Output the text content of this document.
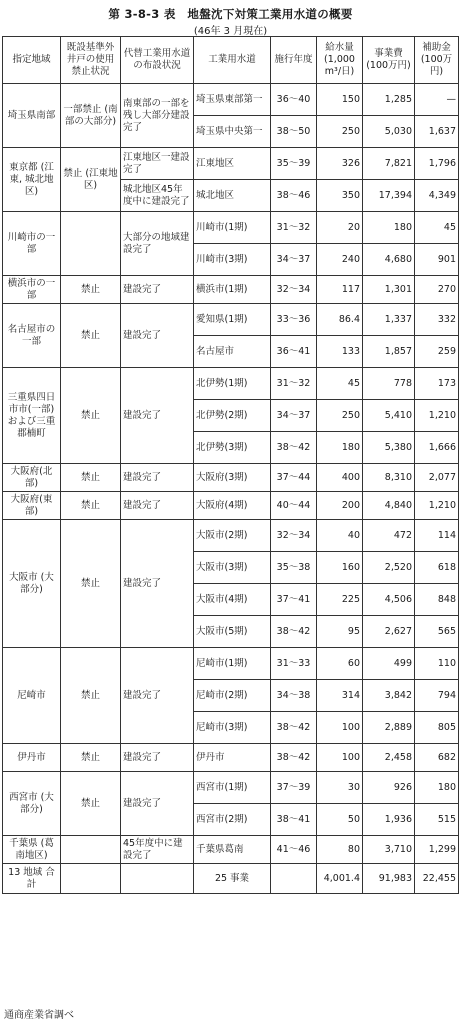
第 3-8-3 表　地盤沈下対策工業用水道の概要
(46年 3 月現在)
指定地域	既設基準外井戸の使用禁止状況	代替工業用水道の布設状況	工業用水道	施行年度	給水量 (1,000 m³/日)	事業費 (100万円)	補助金 (100万円)
埼玉県南部	一部禁止 (南部の大部分)	南東部の一部を残し大部分建設完了	埼玉県東部第一	36～40	150	1,285	—
			埼玉県中央第一	38～50	250	5,030	1,637
東京都 (江東, 城北地区)	禁止 (江東地区)	江東地区一建設完了	江東地区	35～39	326	7,821	1,796
		城北地区45年度中に建設完了	城北地区	38～46	350	17,394	4,349
川崎市の一部		大部分の地域建設完了	川崎市(1期)	31～32	20	180	45
			川崎市(3期)	34～37	240	4,680	901
横浜市の一部	禁止	建設完了	横浜市(1期)	32～34	117	1,301	270
名古屋市の一部	禁止	建設完了	愛知県(1期)	33～36	86.4	1,337	332
			名古屋市	36～41	133	1,857	259
三重県四日市市(一部)および三重郡楠町	禁止	建設完了	北伊勢(1期)	31～32	45	778	173
			北伊勢(2期)	34～37	250	5,410	1,210
			北伊勢(3期)	38～42	180	5,380	1,666
大阪府(北部)	禁止	建設完了	大阪府(3期)	37～44	400	8,310	2,077
大阪府(東部)	禁止	建設完了	大阪府(4期)	40～44	200	4,840	1,210
大阪市 (大部分)	禁止	建設完了	大阪市(2期)	32～34	40	472	114
			大阪市(3期)	35～38	160	2,520	618
			大阪市(4期)	37～41	225	4,506	848
			大阪市(5期)	38～42	95	2,627	565
尼崎市	禁止	建設完了	尼崎市(1期)	31～33	60	499	110
			尼崎市(2期)	34～38	314	3,842	794
			尼崎市(3期)	38～42	100	2,889	805
伊丹市	禁止	建設完了	伊丹市	38～42	100	2,458	682
西宮市 (大部分)	禁止	建設完了	西宮市(1期)	37～39	30	926	180
			西宮市(2期)	38～41	50	1,936	515
千葉県 (葛南地区)		45年度中に建設完了	千葉県葛南	41～46	80	3,710	1,299
13 地域 合計			25 事業		4,001.4	91,983	22,455
通商産業省調べ
